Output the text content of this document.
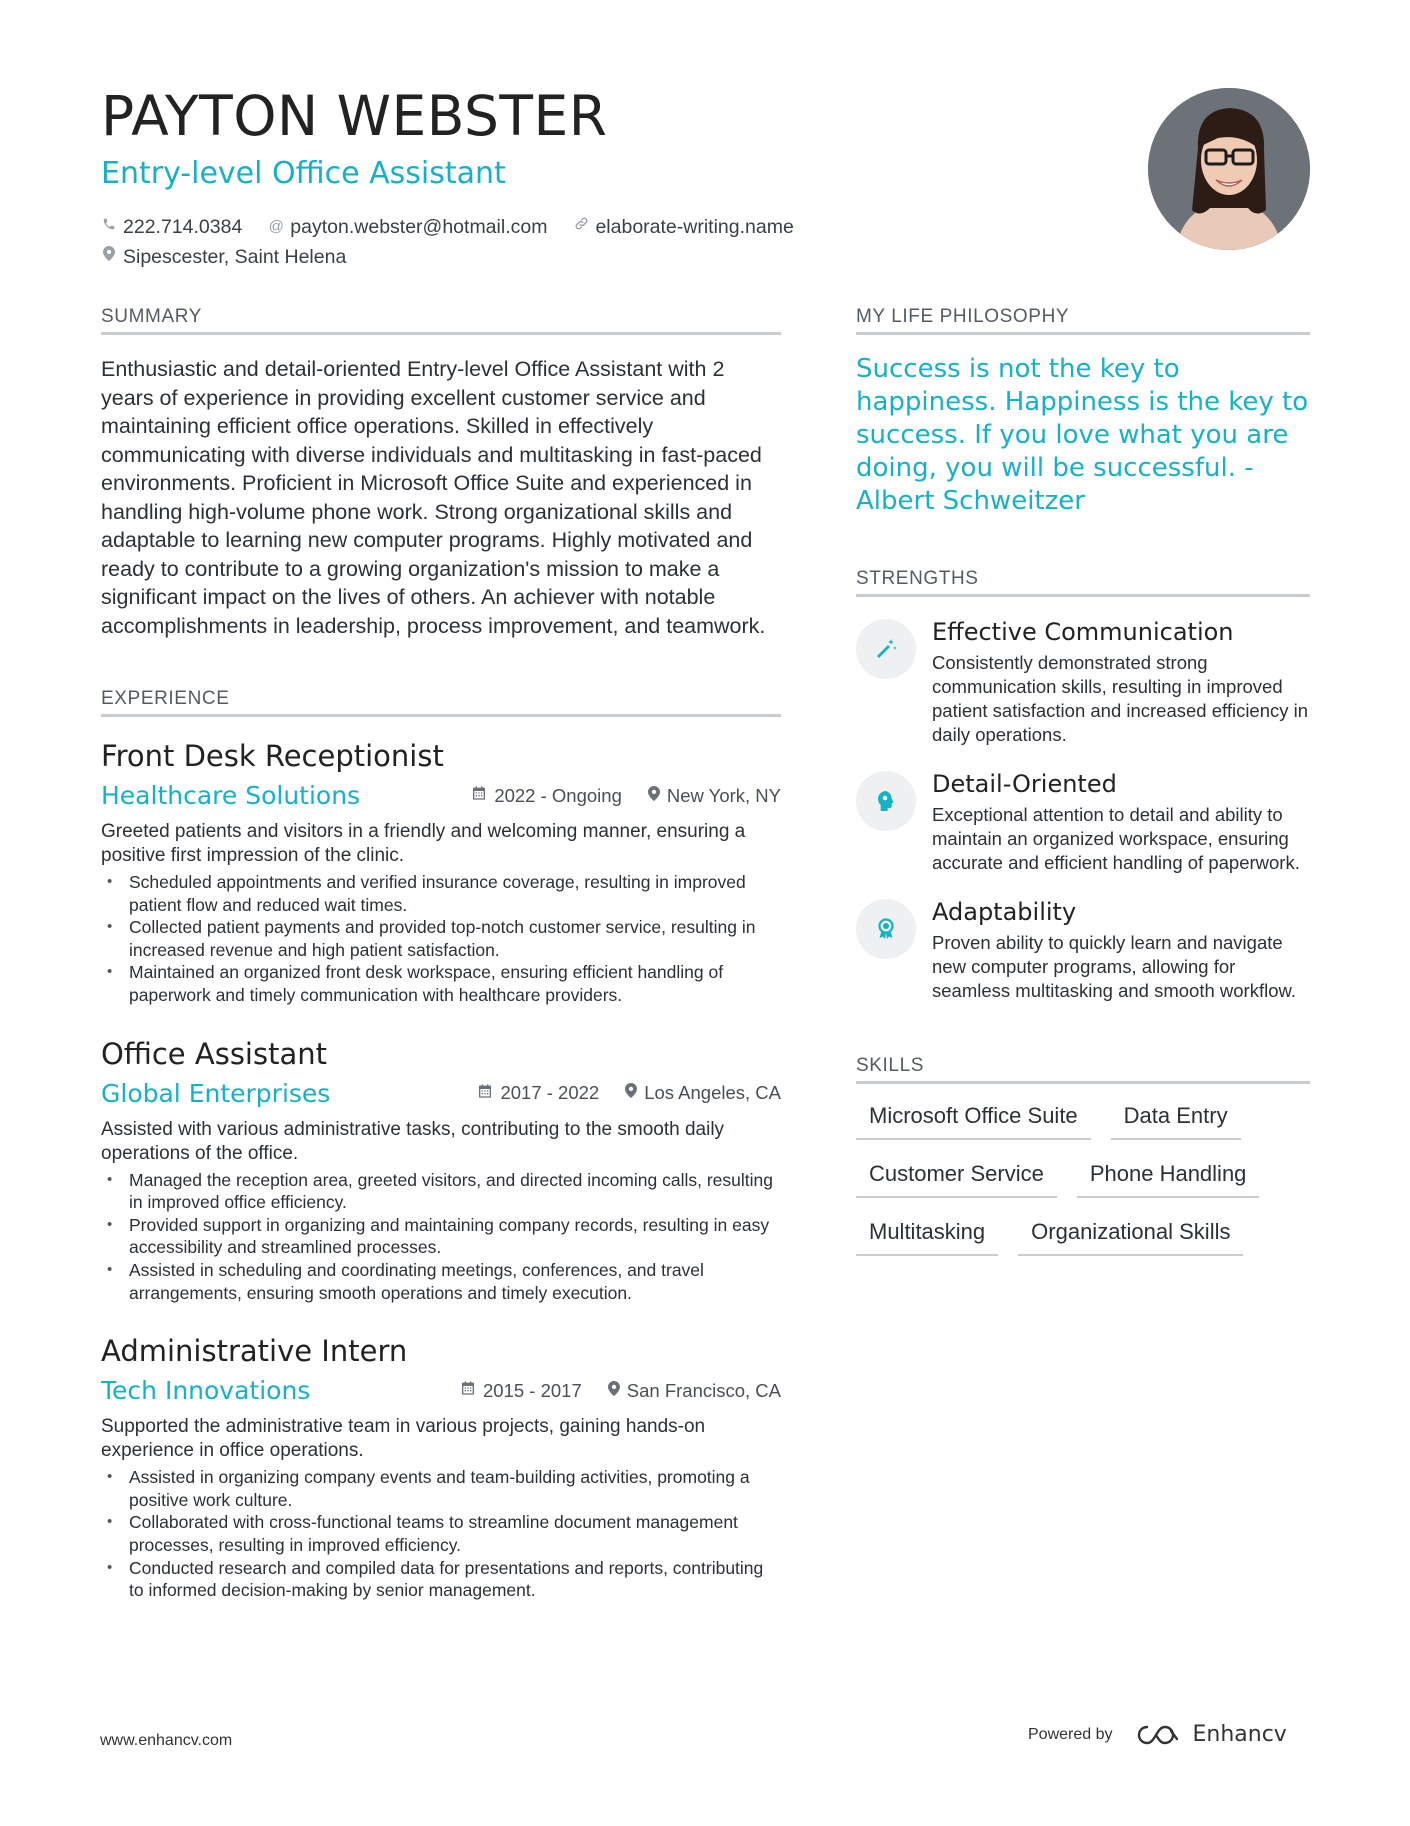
PAYTON WEBSTER
Entry-level Office Assistant
222.714.0384 @ payton.webster@hotmail.com elaborate-writing.name
Sipescester, Saint Helena
SUMMARY

Enthusiastic and detail-oriented Entry-level Office Assistant with 2 years of experience in providing excellent customer service and maintaining efficient office operations. Skilled in effectively communicating with diverse individuals and multitasking in fast-paced environments. Proficient in Microsoft Office Suite and experienced in handling high-volume phone work. Strong organizational skills and adaptable to learning new computer programs. Highly motivated and ready to contribute to a growing organization's mission to make a significant impact on the lives of others. An achiever with notable accomplishments in leadership, process improvement, and teamwork.

EXPERIENCE
Front Desk Receptionist
Healthcare Solutions	2022 - Ongoing New York, NY

Greeted patients and visitors in a friendly and welcoming manner, ensuring a positive first impression of the clinic.

• Scheduled appointments and verified insurance coverage, resulting in improved patient flow and reduced wait times.
• Collected patient payments and provided top-notch customer service, resulting in increased revenue and high patient satisfaction.
• Maintained an organized front desk workspace, ensuring efficient handling of paperwork and timely communication with healthcare providers.
Office Assistant
Global Enterprises	2017 - 2022 Los Angeles, CA

Assisted with various administrative tasks, contributing to the smooth daily operations of the office.

• Managed the reception area, greeted visitors, and directed incoming calls, resulting in improved office efficiency.
• Provided support in organizing and maintaining company records, resulting in easy accessibility and streamlined processes.
• Assisted in scheduling and coordinating meetings, conferences, and travel arrangements, ensuring smooth operations and timely execution.
Administrative Intern
Tech Innovations	2015 - 2017 San Francisco, CA

Supported the administrative team in various projects, gaining hands-on experience in office operations.

• Assisted in organizing company events and team-building activities, promoting a positive work culture.
• Collaborated with cross-functional teams to streamline document management processes, resulting in improved efficiency.
• Conducted research and compiled data for presentations and reports, contributing to informed decision-making by senior management.
MY LIFE PHILOSOPHY

Success is not the key to happiness. Happiness is the key to success. If you love what you are doing, you will be successful. - Albert Schweitzer

STRENGTHS
Effective Communication

Consistently demonstrated strong communication skills, resulting in improved patient satisfaction and increased efficiency in daily operations.

Detail-Oriented

Exceptional attention to detail and ability to maintain an organized workspace, ensuring accurate and efficient handling of paperwork.

Adaptability

Proven ability to quickly learn and navigate new computer programs, allowing for seamless multitasking and smooth workflow.

SKILLS
Microsoft Office Suite	Data Entry
Customer Service	Phone Handling
Multitasking	Organizational Skills
www.enhancv.com	Powered by	Enhancv
